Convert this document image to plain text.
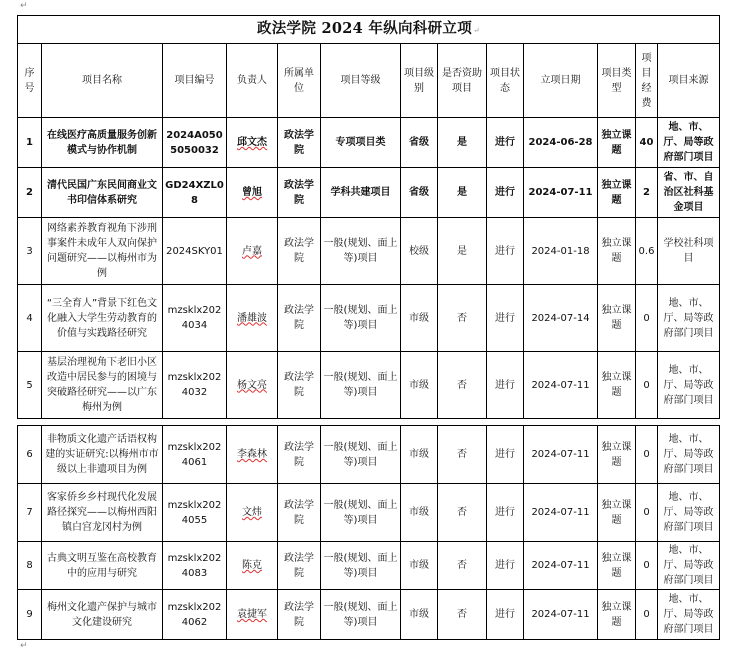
↵
政法学院 2024 年纵向科研立项↵												
序号	项目名称	项目编号	负责人	所属单位	项目等级	项目级别	是否资助项目	项目状态	立项日期	项目类型	项目经费	项目来源
1	在线医疗高质量服务创新模式与协作机制	2024A0505050032	邱文杰	政法学院	专项项目类	省级	是	进行	2024-06-28	独立课题	40	地、市、厅、局等政府部门项目
2	清代民国广东民间商业文书印信体系研究	GD24XZL08	曾旭	政法学院	学科共建项目	省级	是	进行	2024-07-11	独立课题	2	省、市、自治区社科基金项目
3	网络素养教育视角下涉刑事案件未成年人双向保护问题研究——以梅州市为例	2024SKY01	卢嘉	政法学院	一般(规划、面上等)项目	校级	是	进行	2024-01-18	独立课题	0.6	学校社科项目
4	“三全育人”背景下红色文化融入大学生劳动教育的价值与实践路径研究	mzsklx2024034	潘雄波	政法学院	一般(规划、面上等)项目	市级	否	进行	2024-07-14	独立课题	0	地、市、厅、局等政府部门项目
5	基层治理视角下老旧小区改造中居民参与的困境与突破路径研究——以广东梅州为例	mzsklx2024032	杨文亮	政法学院	一般(规划、面上等)项目	市级	否	进行	2024-07-11	独立课题	0	地、市、厅、局等政府部门项目
6	非物质文化遗产话语权构建的实证研究:以梅州市市级以上非遗项目为例	mzsklx2024061	李森林	政法学院	一般(规划、面上等)项目	市级	否	进行	2024-07-11	独立课题	0	地、市、厅、局等政府部门项目
7	客家侨乡乡村现代化发展路径探究——以梅州西阳镇白宫龙冈村为例	mzsklx2024055	文炜	政法学院	一般(规划、面上等)项目	市级	否	进行	2024-07-11	独立课题	0	地、市、厅、局等政府部门项目
8	古典文明互鉴在高校教育中的应用与研究	mzsklx2024083	陈克	政法学院	一般(规划、面上等)项目	市级	否	进行	2024-07-11	独立课题	0	地、市、厅、局等政府部门项目
9	梅州文化遗产保护与城市文化建设研究	mzsklx2024062	袁捷军	政法学院	一般(规划、面上等)项目	市级	否	进行	2024-07-11	独立课题	0	地、市、厅、局等政府部门项目
↵
